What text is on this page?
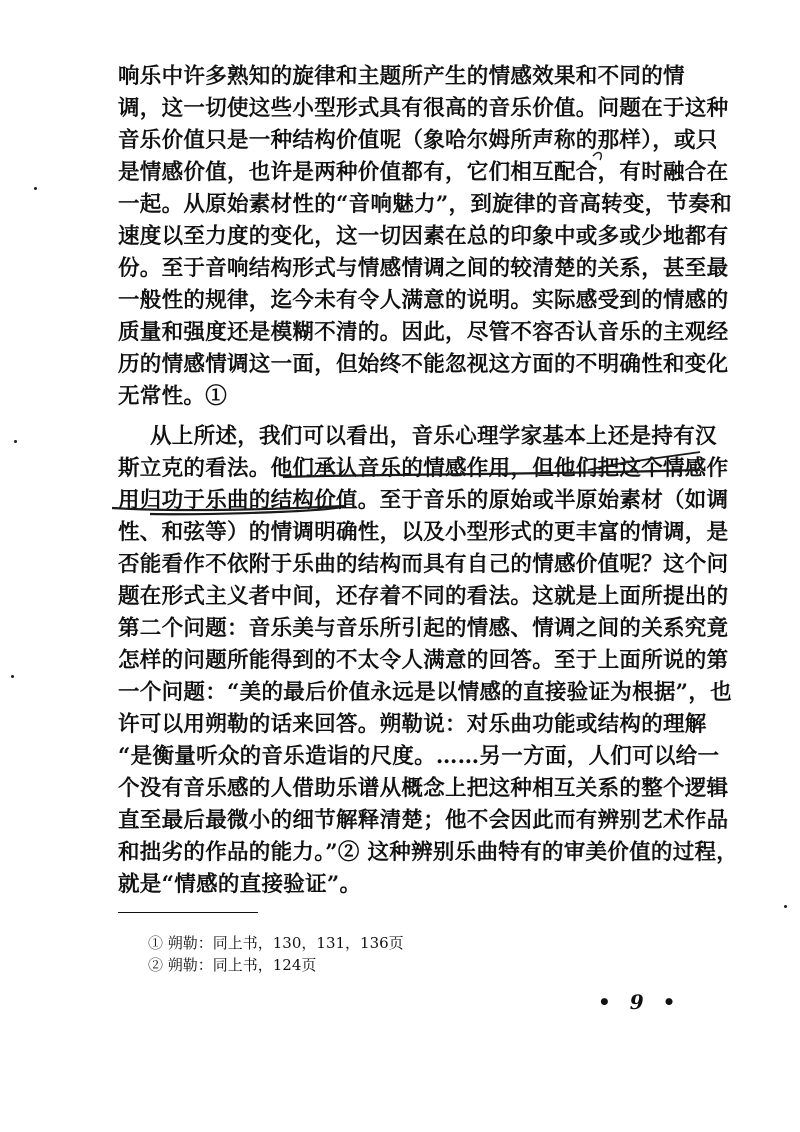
响乐中许多熟知的旋律和主题所产生的情感效果和不同的情
调，这一切使这些小型形式具有很高的音乐价值。问题在于这种
音乐价值只是一种结构价值呢（象哈尔姆所声称的那样），或只
是情感价值，也许是两种价值都有，它们相互配合，有时融合在
一起。从原始素材性的“音响魅力”，到旋律的音高转变，节奏和
速度以至力度的变化，这一切因素在总的印象中或多或少地都有
份。至于音响结构形式与情感情调之间的较清楚的关系，甚至最
一般性的规律，迄今未有令人满意的说明。实际感受到的情感的
质量和强度还是模糊不清的。因此，尽管不容否认音乐的主观经
历的情感情调这一面，但始终不能忽视这方面的不明确性和变化
无常性。①
从上所述，我们可以看出，音乐心理学家基本上还是持有汉
斯立克的看法。他们承认音乐的情感作用，但他们把这个情感作
用归功于乐曲的结构价值。至于音乐的原始或半原始素材（如调
性、和弦等）的情调明确性，以及小型形式的更丰富的情调，是
否能看作不依附于乐曲的结构而具有自己的情感价值呢？这个问
题在形式主义者中间，还存着不同的看法。这就是上面所提出的
第二个问题：音乐美与音乐所引起的情感、情调之间的关系究竟
怎样的问题所能得到的不太令人满意的回答。至于上面所说的第
一个问题：“美的最后价值永远是以情感的直接验证为根据”，也
许可以用朔勒的话来回答。朔勒说：对乐曲功能或结构的理解
“是衡量听众的音乐造诣的尺度。……另一方面，人们可以给一
个没有音乐感的人借助乐谱从概念上把这种相互关系的整个逻辑
直至最后最微小的细节解释清楚；他不会因此而有辨别艺术作品
和拙劣的作品的能力。”② 这种辨别乐曲特有的审美价值的过程，
就是“情感的直接验证”。
① 朔勒：同上书，130，131，136页
② 朔勒：同上书，124页
• 9 •
